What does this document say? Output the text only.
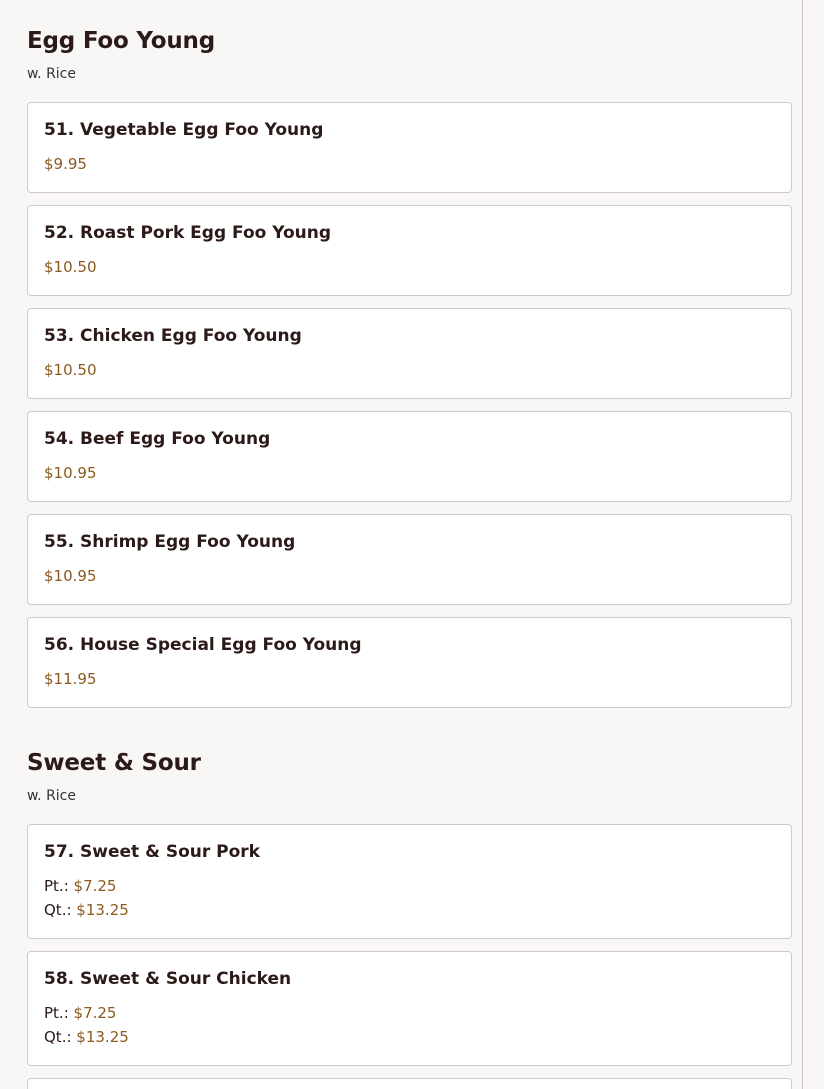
Egg Foo Young
w. Rice
51. Vegetable Egg Foo Young
$9.95
52. Roast Pork Egg Foo Young
$10.50
53. Chicken Egg Foo Young
$10.50
54. Beef Egg Foo Young
$10.95
55. Shrimp Egg Foo Young
$10.95
56. House Special Egg Foo Young
$11.95
Sweet & Sour
w. Rice
57. Sweet & Sour Pork
Pt.: $7.25
Qt.: $13.25
58. Sweet & Sour Chicken
Pt.: $7.25
Qt.: $13.25
